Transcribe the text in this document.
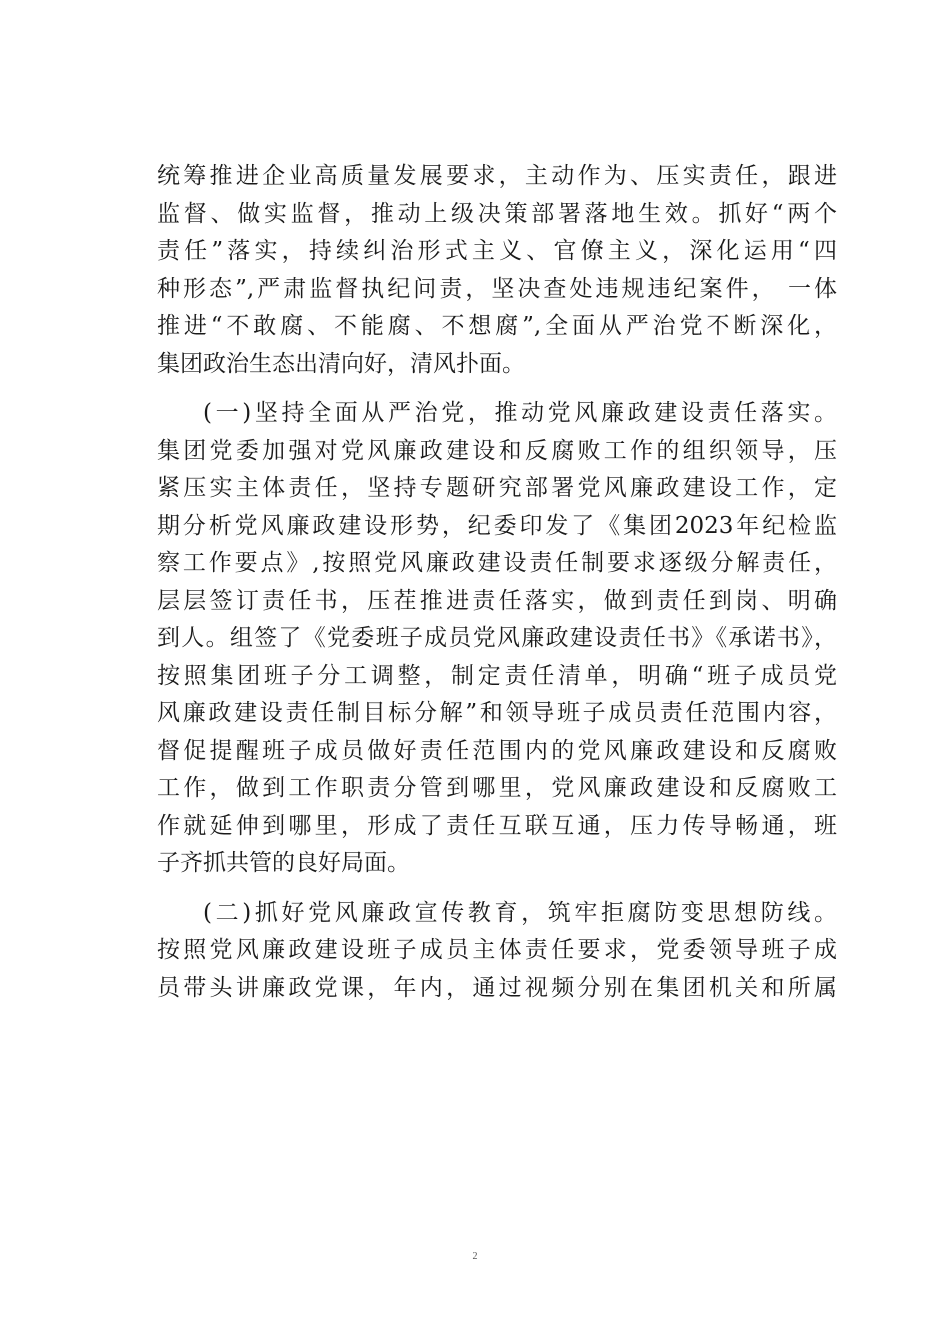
统筹推进企业高质量发展要求，主动作为、压实责任，跟进
监督、做实监督，推动上级决策部署落地生效。抓好“两个
责任”落实，持续纠治形式主义、官僚主义，深化运用“四
种形态”,严肃监督执纪问责，坚决查处违规违纪案件， 一体
推进“不敢腐、不能腐、不想腐”,全面从严治党不断深化，
集团政治生态出清向好，清风扑面。
(一)坚持全面从严治党，推动党风廉政建设责任落实。
集团党委加强对党风廉政建设和反腐败工作的组织领导，压
紧压实主体责任，坚持专题研究部署党风廉政建设工作，定
期分析党风廉政建设形势，纪委印发了《集团2023年纪检监
察工作要点》,按照党风廉政建设责任制要求逐级分解责任，
层层签订责任书，压茬推进责任落实，做到责任到岗、明确
到人。组签了《党委班子成员党风廉政建设责任书》《承诺书》，
按照集团班子分工调整，制定责任清单，明确“班子成员党
风廉政建设责任制目标分解”和领导班子成员责任范围内容，
督促提醒班子成员做好责任范围内的党风廉政建设和反腐败
工作，做到工作职责分管到哪里，党风廉政建设和反腐败工
作就延伸到哪里，形成了责任互联互通，压力传导畅通，班
子齐抓共管的良好局面。
(二)抓好党风廉政宣传教育，筑牢拒腐防变思想防线。
按照党风廉政建设班子成员主体责任要求，党委领导班子成
员带头讲廉政党课，年内，通过视频分别在集团机关和所属
2
